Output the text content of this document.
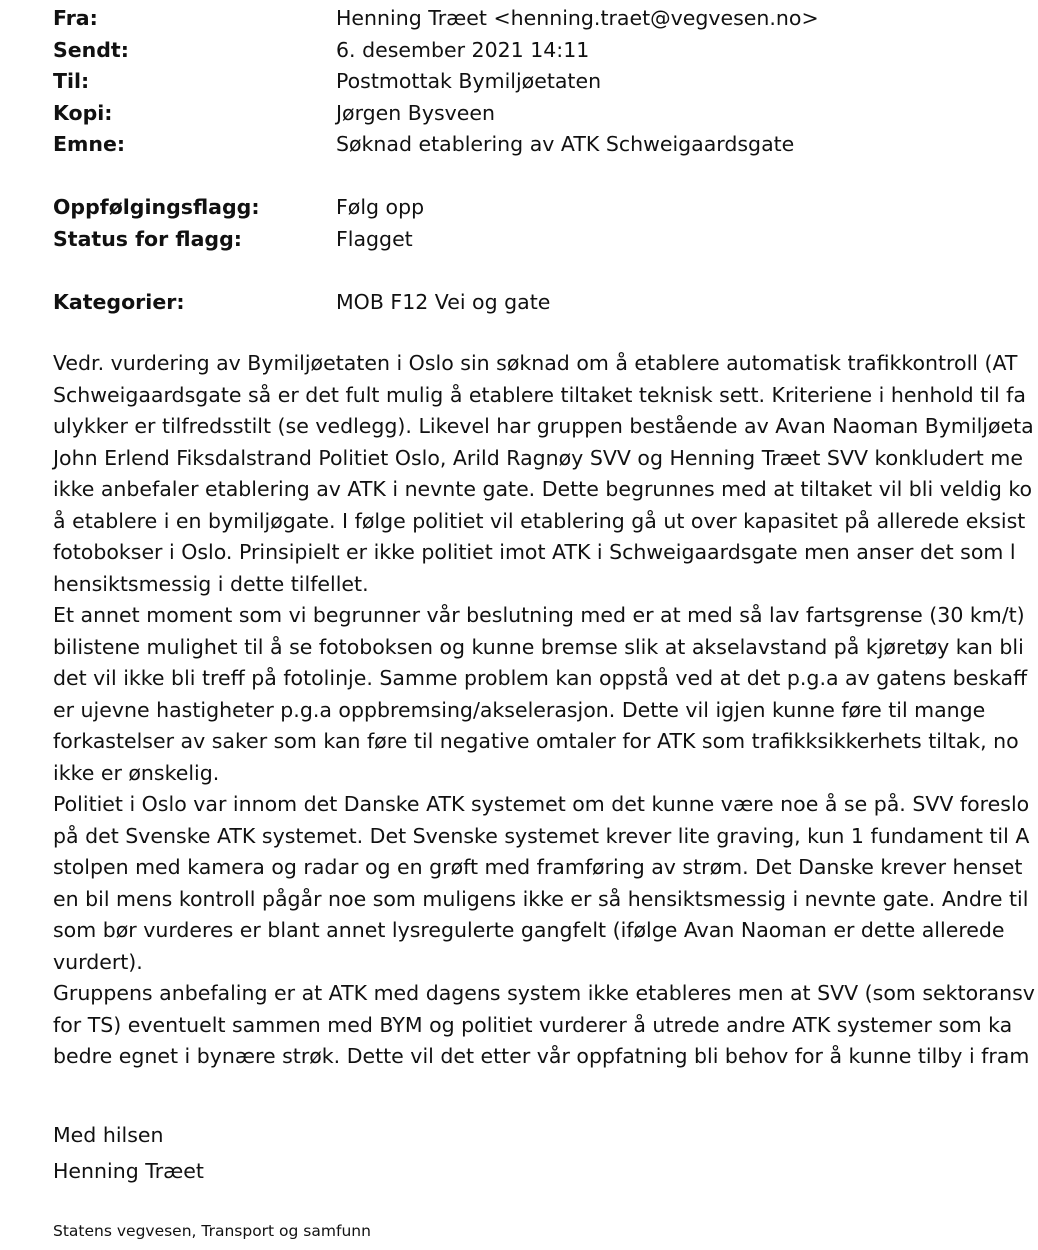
Fra:	Henning Træet <henning.traet@vegvesen.no>
Sendt:	6. desember 2021 14:11
Til:	Postmottak Bymiljøetaten
Kopi:	Jørgen Bysveen
Emne:	Søknad etablering av ATK Schweigaardsgate
Oppfølgingsflagg:	Følg opp
Status for flagg:	Flagget
Kategorier:	MOB F12 Vei og gate
Vedr. vurdering av Bymiljøetaten i Oslo sin søknad om å etablere automatisk trafikkontroll (AT
Schweigaardsgate så er det fult mulig å etablere tiltaket teknisk sett. Kriteriene i henhold til fa
ulykker er tilfredsstilt (se vedlegg). Likevel har gruppen bestående av Avan Naoman Bymiljøeta
John Erlend Fiksdalstrand Politiet Oslo, Arild Ragnøy SVV og Henning Træet SVV konkludert me
ikke anbefaler etablering av ATK i nevnte gate. Dette begrunnes med at tiltaket vil bli veldig ko
å etablere i en bymiljøgate. I følge politiet vil etablering gå ut over kapasitet på allerede eksist
fotobokser i Oslo. Prinsipielt er ikke politiet imot ATK i Schweigaardsgate men anser det som l
hensiktsmessig i dette tilfellet.
Et annet moment som vi begrunner vår beslutning med er at med så lav fartsgrense (30 km/t)
bilistene mulighet til å se fotoboksen og kunne bremse slik at akselavstand på kjøretøy kan bli
det vil ikke bli treff på fotolinje. Samme problem kan oppstå ved at det p.g.a av gatens beskaff
er ujevne hastigheter p.g.a oppbremsing/akselerasjon. Dette vil igjen kunne føre til mange
forkastelser av saker som kan føre til negative omtaler for ATK som trafikksikkerhets tiltak, no
ikke er ønskelig.
Politiet i Oslo var innom det Danske ATK systemet om det kunne være noe å se på. SVV foreslo
på det Svenske ATK systemet. Det Svenske systemet krever lite graving, kun 1 fundament til A
stolpen med kamera og radar og en grøft med framføring av strøm. Det Danske krever henset
en bil mens kontroll pågår noe som muligens ikke er så hensiktsmessig i nevnte gate. Andre til
som bør vurderes er blant annet lysregulerte gangfelt (ifølge Avan Naoman er dette allerede
vurdert).
Gruppens anbefaling er at ATK med dagens system ikke etableres men at SVV (som sektoransv
for TS) eventuelt sammen med BYM og politiet vurderer å utrede andre ATK systemer som ka
bedre egnet i bynære strøk. Dette vil det etter vår oppfatning bli behov for å kunne tilby i fram
Med hilsen
Henning Træet
Statens vegvesen, Transport og samfunn
